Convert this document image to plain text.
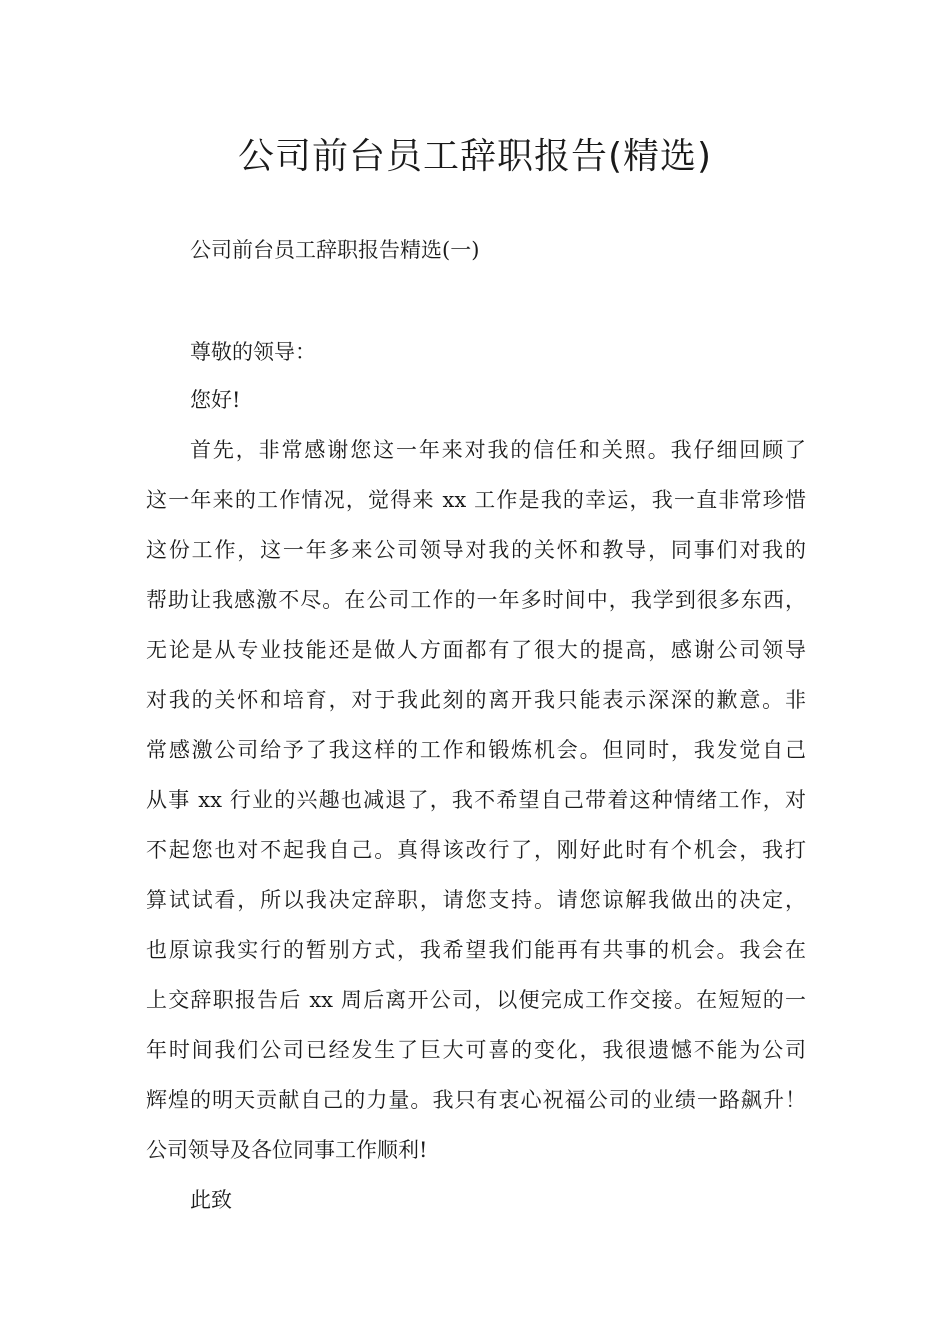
公司前台员工辞职报告(精选)

公司前台员工辞职报告精选(一)

尊敬的领导：

您好!

首先，非常感谢您这一年来对我的信任和关照。我仔细回顾了

这一年来的工作情况，觉得来 xx 工作是我的幸运，我一直非常珍惜

这份工作，这一年多来公司领导对我的关怀和教导，同事们对我的

帮助让我感激不尽。在公司工作的一年多时间中，我学到很多东西，

无论是从专业技能还是做人方面都有了很大的提高，感谢公司领导

对我的关怀和培育，对于我此刻的离开我只能表示深深的歉意。非

常感激公司给予了我这样的工作和锻炼机会。但同时，我发觉自己

从事 xx 行业的兴趣也减退了，我不希望自己带着这种情绪工作，对

不起您也对不起我自己。真得该改行了，刚好此时有个机会，我打

算试试看，所以我决定辞职，请您支持。请您谅解我做出的决定，

也原谅我实行的暂别方式，我希望我们能再有共事的机会。我会在

上交辞职报告后 xx 周后离开公司，以便完成工作交接。在短短的一

年时间我们公司已经发生了巨大可喜的变化，我很遗憾不能为公司

辉煌的明天贡献自己的力量。我只有衷心祝福公司的业绩一路飙升！

公司领导及各位同事工作顺利!

此致
